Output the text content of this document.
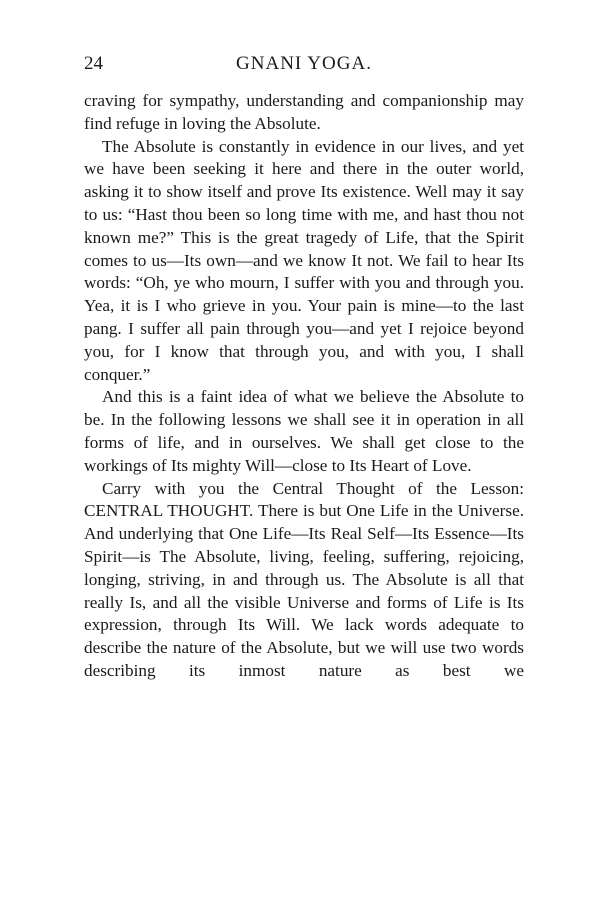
24	GNANI YOGA.

craving for sympathy, understanding and companionship may find refuge in loving the Absolute.

The Absolute is constantly in evidence in our lives, and yet we have been seeking it here and there in the outer world, asking it to show itself and prove Its existence. Well may it say to us: “Hast thou been so long time with me, and hast thou not known me?” This is the great tragedy of Life, that the Spirit comes to us—Its own—and we know It not. We fail to hear Its words: “Oh, ye who mourn, I suffer with you and through you. Yea, it is I who grieve in you. Your pain is mine—to the last pang. I suffer all pain through you—and yet I rejoice beyond you, for I know that through you, and with you, I shall conquer.”

And this is a faint idea of what we believe the Absolute to be. In the following lessons we shall see it in operation in all forms of life, and in ourselves. We shall get close to the workings of Its mighty Will—close to Its Heart of Love.

Carry with you the Central Thought of the Lesson: CENTRAL THOUGHT. There is but One Life in the Universe. And underlying that One Life—Its Real Self—Its Essence—Its Spirit—is The Absolute, living, feeling, suffering, rejoicing, longing, striving, in and through us. The Absolute is all that really Is, and all the visible Universe and forms of Life is Its expression, through Its Will. We lack words adequate to describe the nature of the Absolute, but we will use two words describing its inmost nature as best we
